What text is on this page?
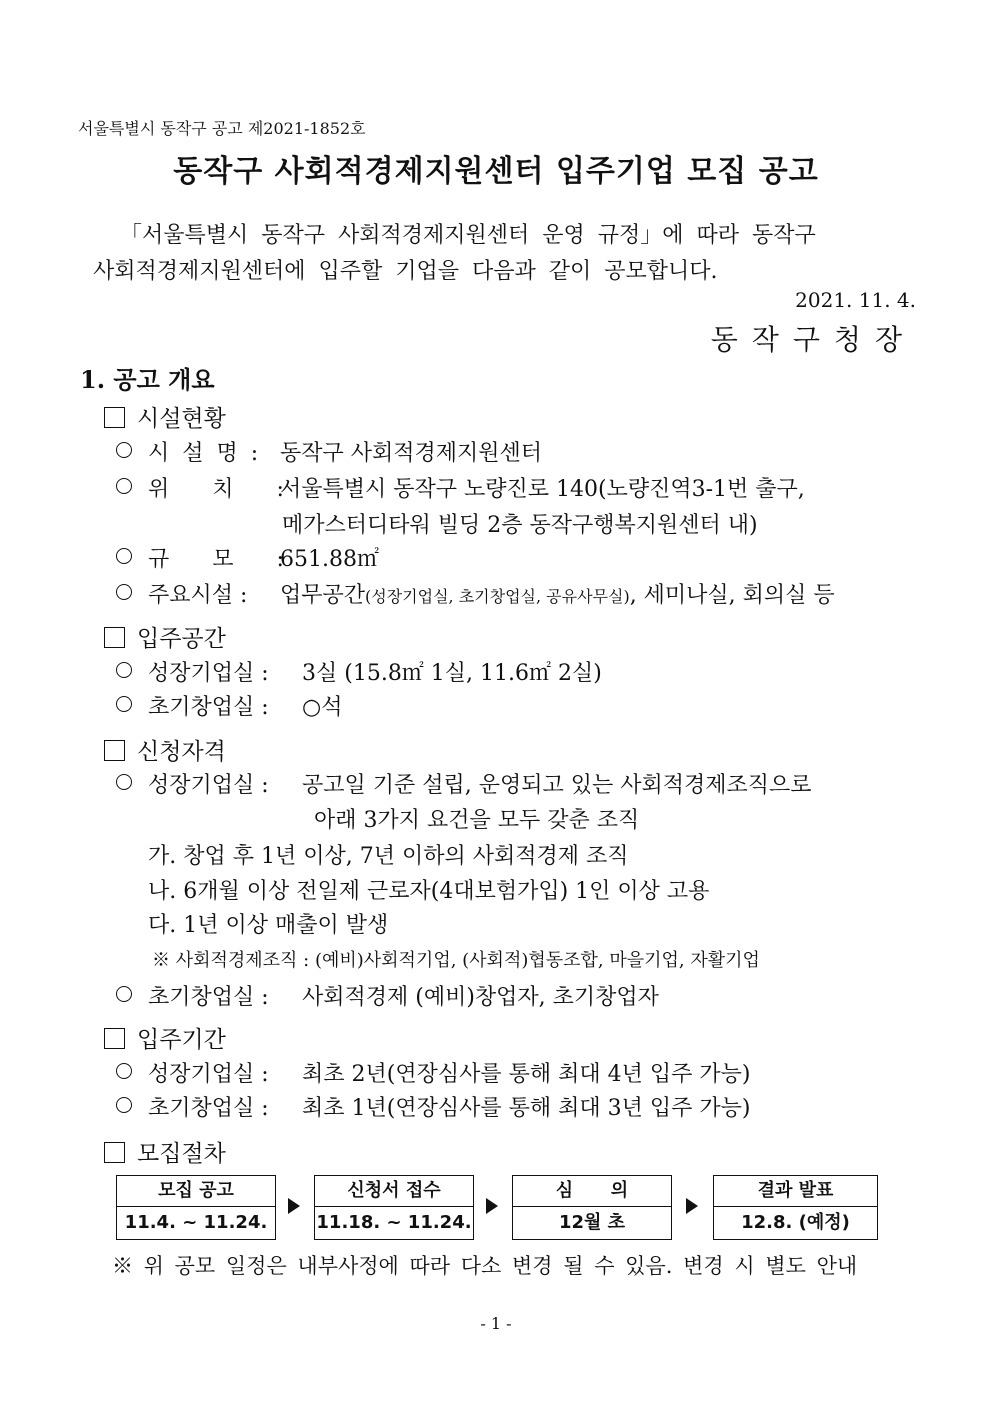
서울특별시 동작구 공고 제2021-1852호
동작구 사회적경제지원센터 입주기업 모집 공고
「서울특별시 동작구 사회적경제지원센터 운영 규정」에 따라 동작구
사회적경제지원센터에 입주할 기업을 다음과 같이 공모합니다.
2021. 11. 4.
동작구청장
1. 공고 개요
시설현황
시 설 명 : 동작구 사회적경제지원센터
위 치 :서울특별시 동작구 노량진로 140(노량진역3-1번 출구,
메가스터디타워 빌딩 2층 동작구행복지원센터 내)
규 모 :651.88㎡
주요시설 : 업무공간(성장기업실, 초기창업실, 공유사무실), 세미나실, 회의실 등
입주공간
성장기업실 : 3실 (15.8㎡ 1실, 11.6㎡ 2실)
초기창업실 : ○석
신청자격
성장기업실 : 공고일 기준 설립, 운영되고 있는 사회적경제조직으로
아래 3가지 요건을 모두 갖춘 조직
가. 창업 후 1년 이상, 7년 이하의 사회적경제 조직
나. 6개월 이상 전일제 근로자(4대보험가입) 1인 이상 고용
다. 1년 이상 매출이 발생
※ 사회적경제조직 : (예비)사회적기업, (사회적)협동조합, 마을기업, 자활기업
초기창업실 : 사회적경제 (예비)창업자, 초기창업자
입주기간
성장기업실 : 최초 2년(연장심사를 통해 최대 4년 입주 가능)
초기창업실 : 최초 1년(연장심사를 통해 최대 3년 입주 가능)
모집절차
모집 공고
11.4. ~ 11.24.
신청서 접수
11.18. ~ 11.24.
심      의
12월 초
결과 발표
12.8. (예정)
※ 위 공모 일정은 내부사정에 따라 다소 변경 될 수 있음. 변경 시 별도 안내
- 1 -
